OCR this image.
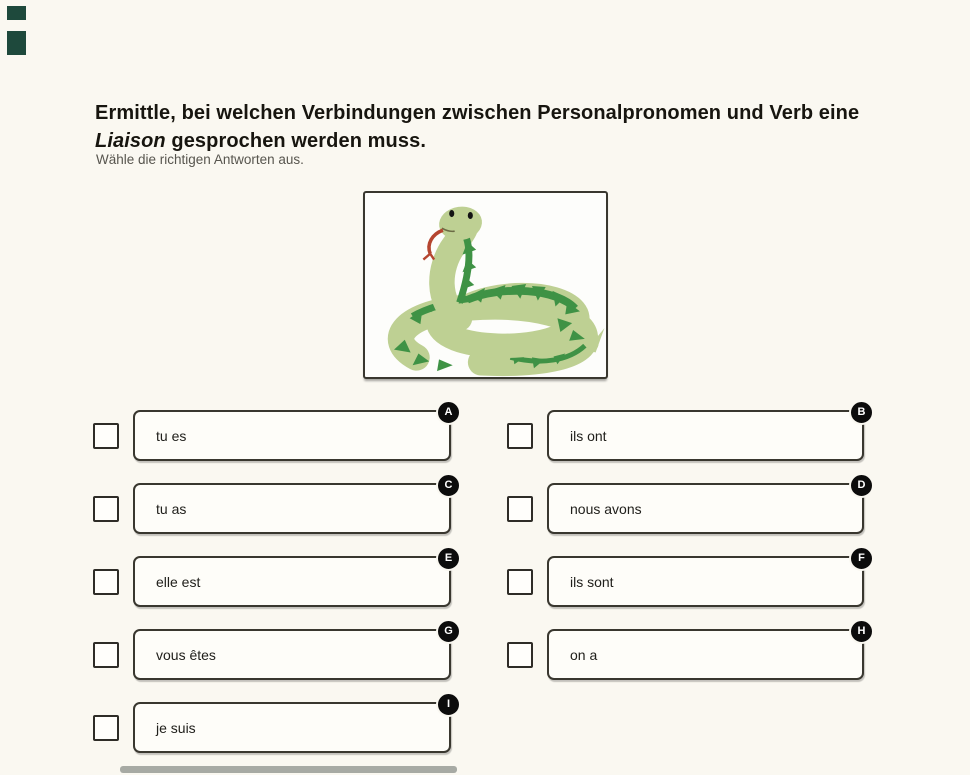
Ermittle, bei welchen Verbindungen zwischen Personalpronomen und Verb eine Liaison gesprochen werden muss.
Wähle die richtigen Antworten aus.
tu es
A
tu as
C
elle est
E
vous êtes
G
je suis
I
ils ont
B
nous avons
D
ils sont
F
on a
H
